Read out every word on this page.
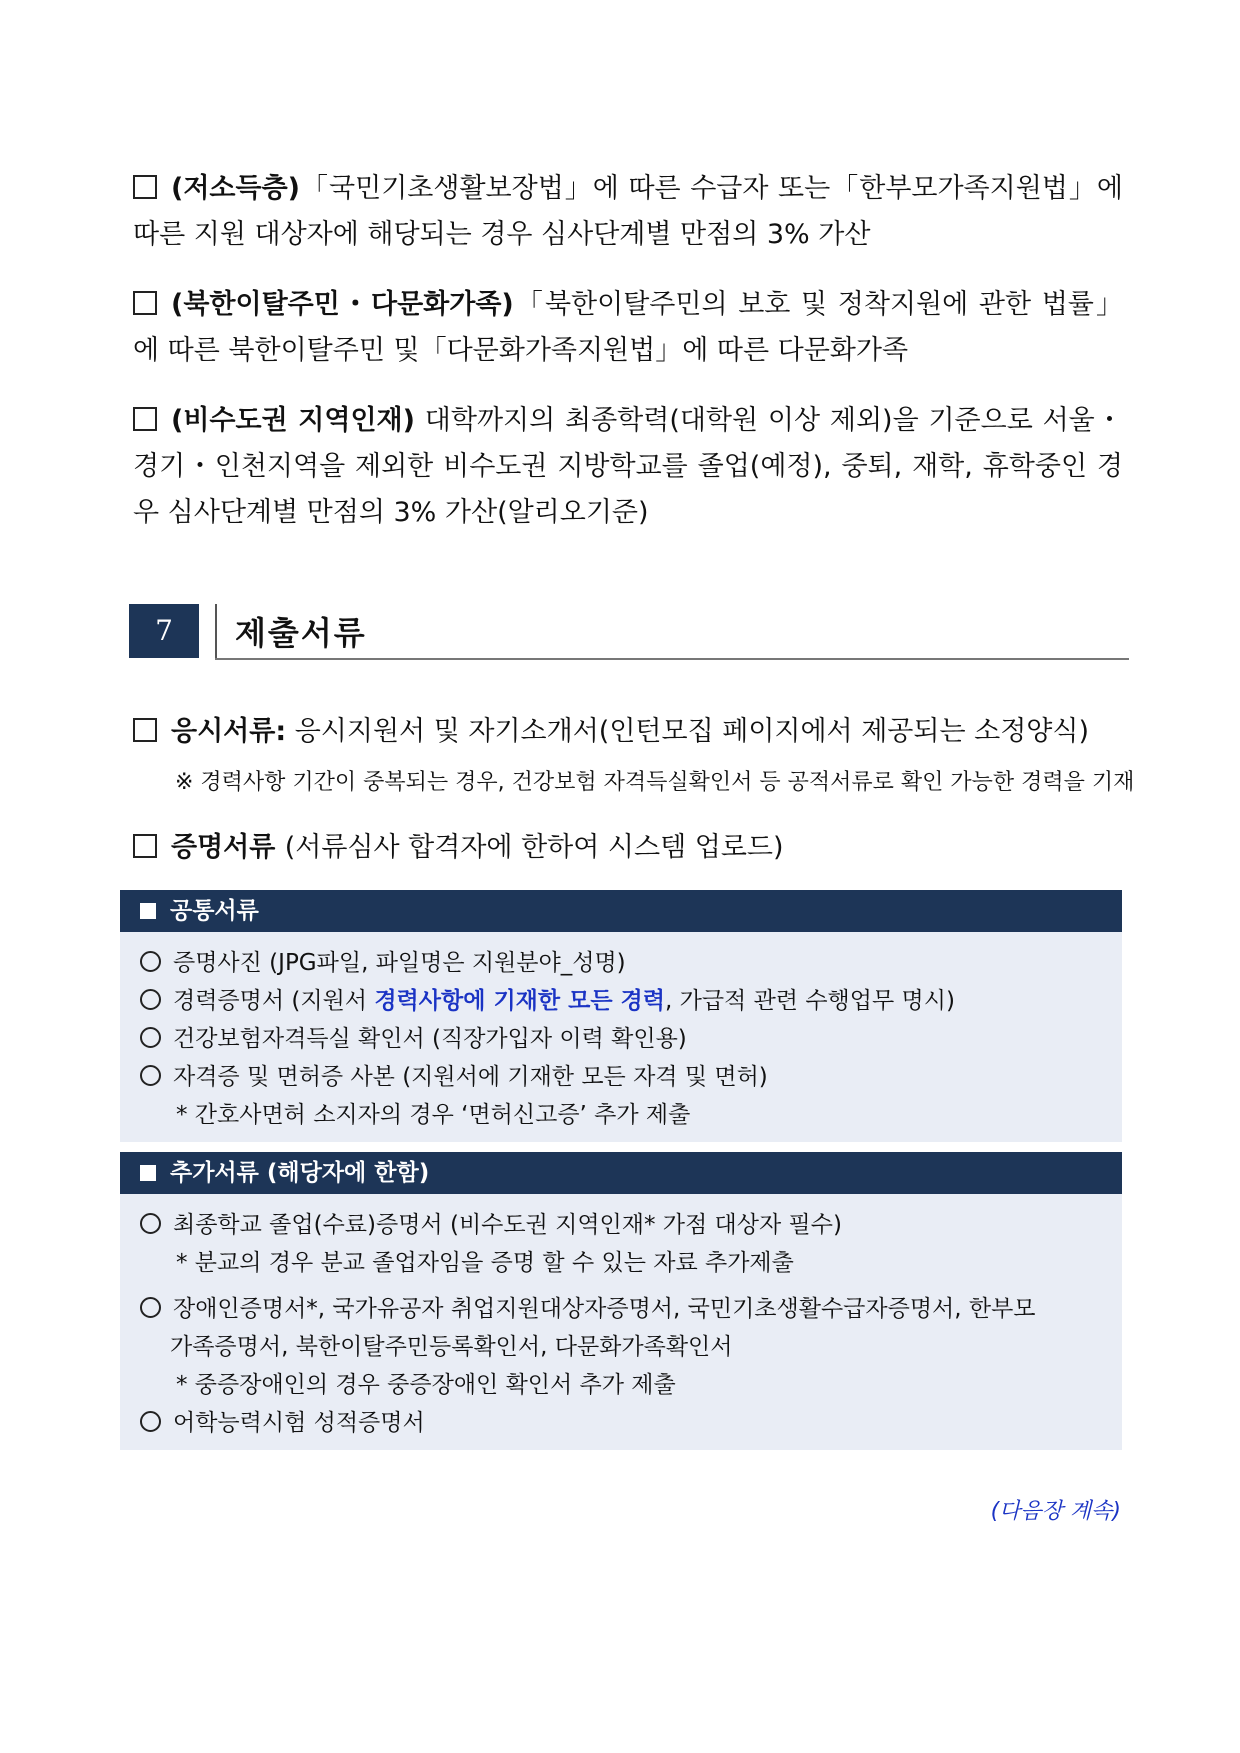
(저소득층)「국민기초생활보장법」에 따른 수급자 또는「한부모가족지원법」에 따른 지원 대상자에 해당되는 경우 심사단계별 만점의 3% 가산
(북한이탈주민・다문화가족)「북한이탈주민의 보호 및 정착지원에 관한 법률」에 따른 북한이탈주민 및「다문화가족지원법」에 따른 다문화가족
(비수도권 지역인재) 대학까지의 최종학력(대학원 이상 제외)을 기준으로 서울・경기・인천지역을 제외한 비수도권 지방학교를 졸업(예정), 중퇴, 재학, 휴학중인 경우 심사단계별 만점의 3% 가산(알리오기준)
7	제출서류
응시서류: 응시지원서 및 자기소개서(인턴모집 페이지에서 제공되는 소정양식)
※ 경력사항 기간이 중복되는 경우, 건강보험 자격득실확인서 등 공적서류로 확인 가능한 경력을 기재
증명서류 (서류심사 합격자에 한하여 시스템 업로드)
공통서류
증명사진 (JPG파일, 파일명은 지원분야_성명)
경력증명서 (지원서 경력사항에 기재한 모든 경력, 가급적 관련 수행업무 명시)
건강보험자격득실 확인서 (직장가입자 이력 확인용)
자격증 및 면허증 사본 (지원서에 기재한 모든 자격 및 면허)
* 간호사면허 소지자의 경우 ‘면허신고증’ 추가 제출
추가서류 (해당자에 한함)
최종학교 졸업(수료)증명서 (비수도권 지역인재* 가점 대상자 필수)
* 분교의 경우 분교 졸업자임을 증명 할 수 있는 자료 추가제출
장애인증명서*, 국가유공자 취업지원대상자증명서, 국민기초생활수급자증명서, 한부모
가족증명서, 북한이탈주민등록확인서, 다문화가족확인서
* 중증장애인의 경우 중증장애인 확인서 추가 제출
어학능력시험 성적증명서
(다음장 계속)
